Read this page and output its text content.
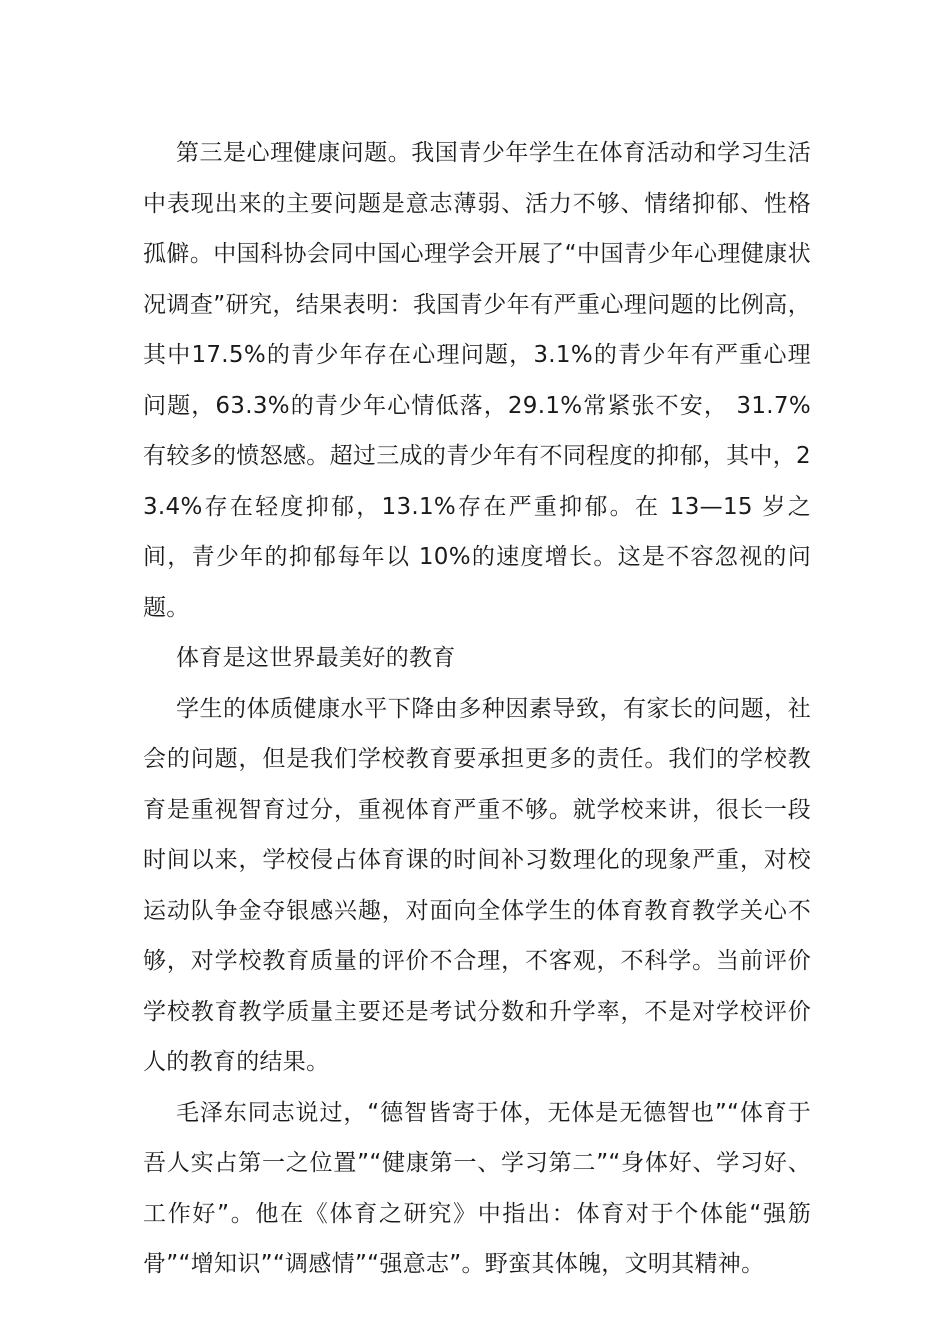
第三是心理健康问题。我国青少年学生在体育活动和学习生活中表现出来的主要问题是意志薄弱、活力不够、情绪抑郁、性格孤僻。中国科协会同中国心理学会开展了“中国青少年心理健康状况调查”研究，结果表明：我国青少年有严重心理问题的比例高，其中17.5%的青少年存在心理问题，3.1%的青少年有严重心理问题，63.3%的青少年心情低落，29.1%常紧张不安， 31.7%有较多的愤怒感。超过三成的青少年有不同程度的抑郁，其中，23.4%存在轻度抑郁，13.1%存在严重抑郁。在 13—15 岁之间，青少年的抑郁每年以 10%的速度增长。这是不容忽视的问题。

体育是这世界最美好的教育

学生的体质健康水平下降由多种因素导致，有家长的问题，社会的问题，但是我们学校教育要承担更多的责任。我们的学校教育是重视智育过分，重视体育严重不够。就学校来讲，很长一段时间以来，学校侵占体育课的时间补习数理化的现象严重，对校运动队争金夺银感兴趣，对面向全体学生的体育教育教学关心不够，对学校教育质量的评价不合理，不客观，不科学。当前评价学校教育教学质量主要还是考试分数和升学率，不是对学校评价人的教育的结果。

毛泽东同志说过，“德智皆寄于体，无体是无德智也”“体育于吾人实占第一之位置”“健康第一、学习第二”“身体好、学习好、工作好”。他在《体育之研究》中指出：体育对于个体能“强筋骨”“增知识”“调感情”“强意志”。野蛮其体魄，文明其精神。
